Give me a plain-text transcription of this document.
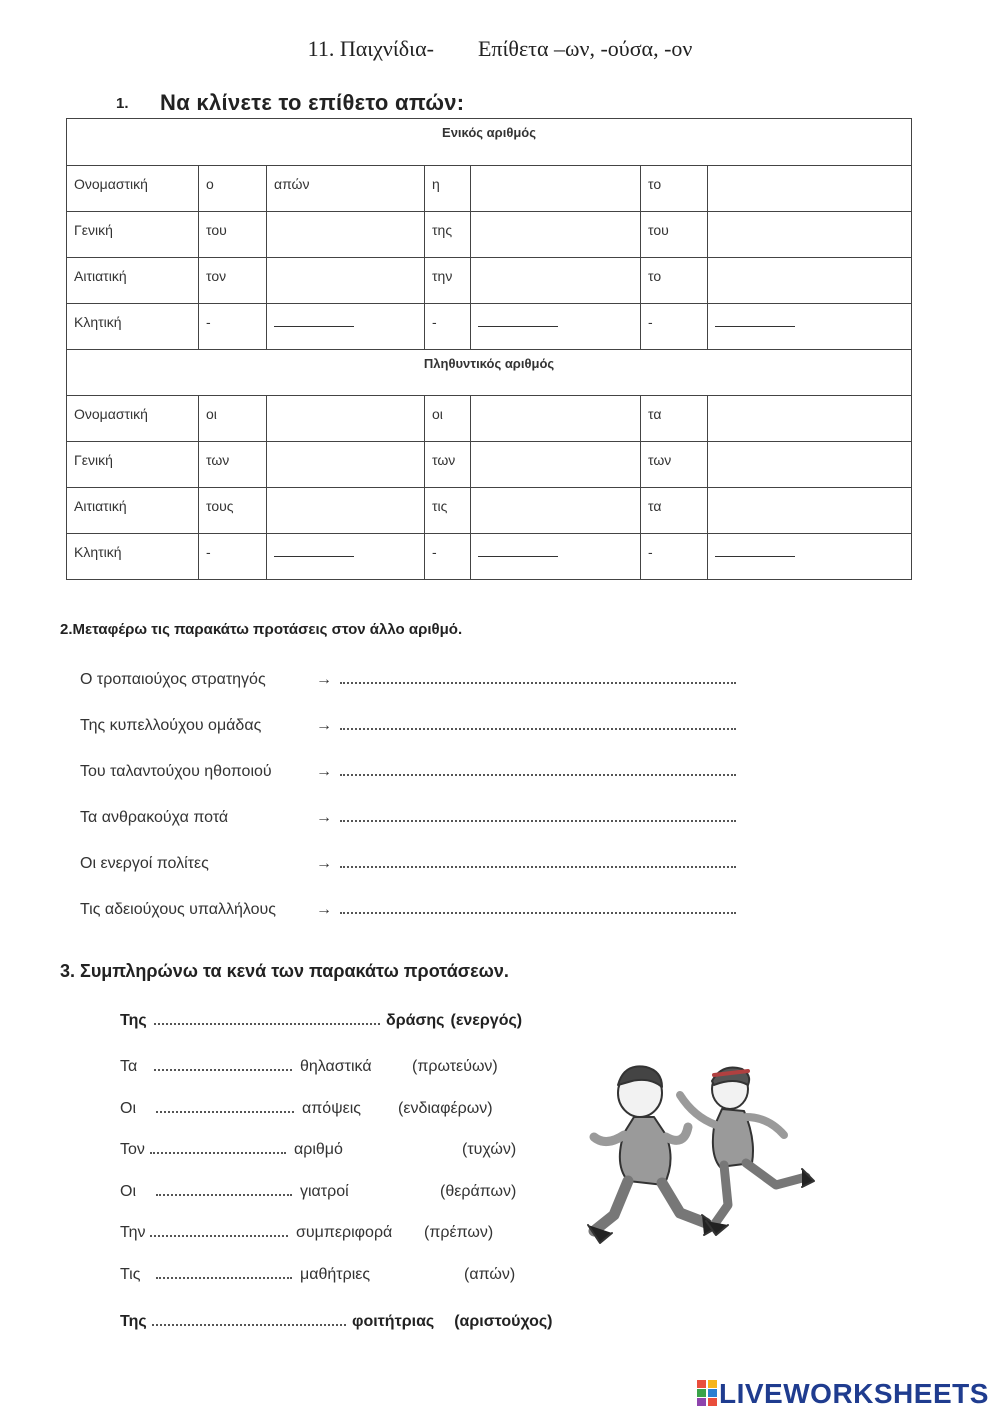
11. Παιχνίδια- Επίθετα –ων, -ούσα, -ον
1. Να κλίνετε το επίθετο απών:
Ενικός αριθμός						
Ονομαστική	ο	απών	η		το	
Γενική	του		της		του	
Αιτιατική	τον		την		το	
Κλητική	-		-		-	
Πληθυντικός αριθμός						
Ονομαστική	οι		οι		τα	
Γενική	των		των		των	
Αιτιατική	τους		τις		τα	
Κλητική	-		-		-	
2.Μεταφέρω τις παρακάτω προτάσεις στον άλλο αριθμό.
Ο τροπαιούχος στρατηγός	→
Της κυπελλούχου ομάδας	→
Του ταλαντούχου ηθοποιού	→
Τα ανθρακούχα ποτά	→
Οι ενεργοί πολίτες	→
Τις αδειούχους υπαλλήλους	→
3. Συμπληρώνω τα κενά των παρακάτω προτάσεων.
Της	δράσης (ενεργός)
Τα	θηλαστικά	(πρωτεύων)
Οι	απόψεις (ενδιαφέρων)
Τον	αριθμό	(τυχών)
Οι	γιατροί	(θεράπων)
Την	συμπεριφορά (πρέπων)
Τις	μαθήτριες	(απών)
Της	φοιτήτριας (αριστούχος)
LIVEWORKSHEETS
